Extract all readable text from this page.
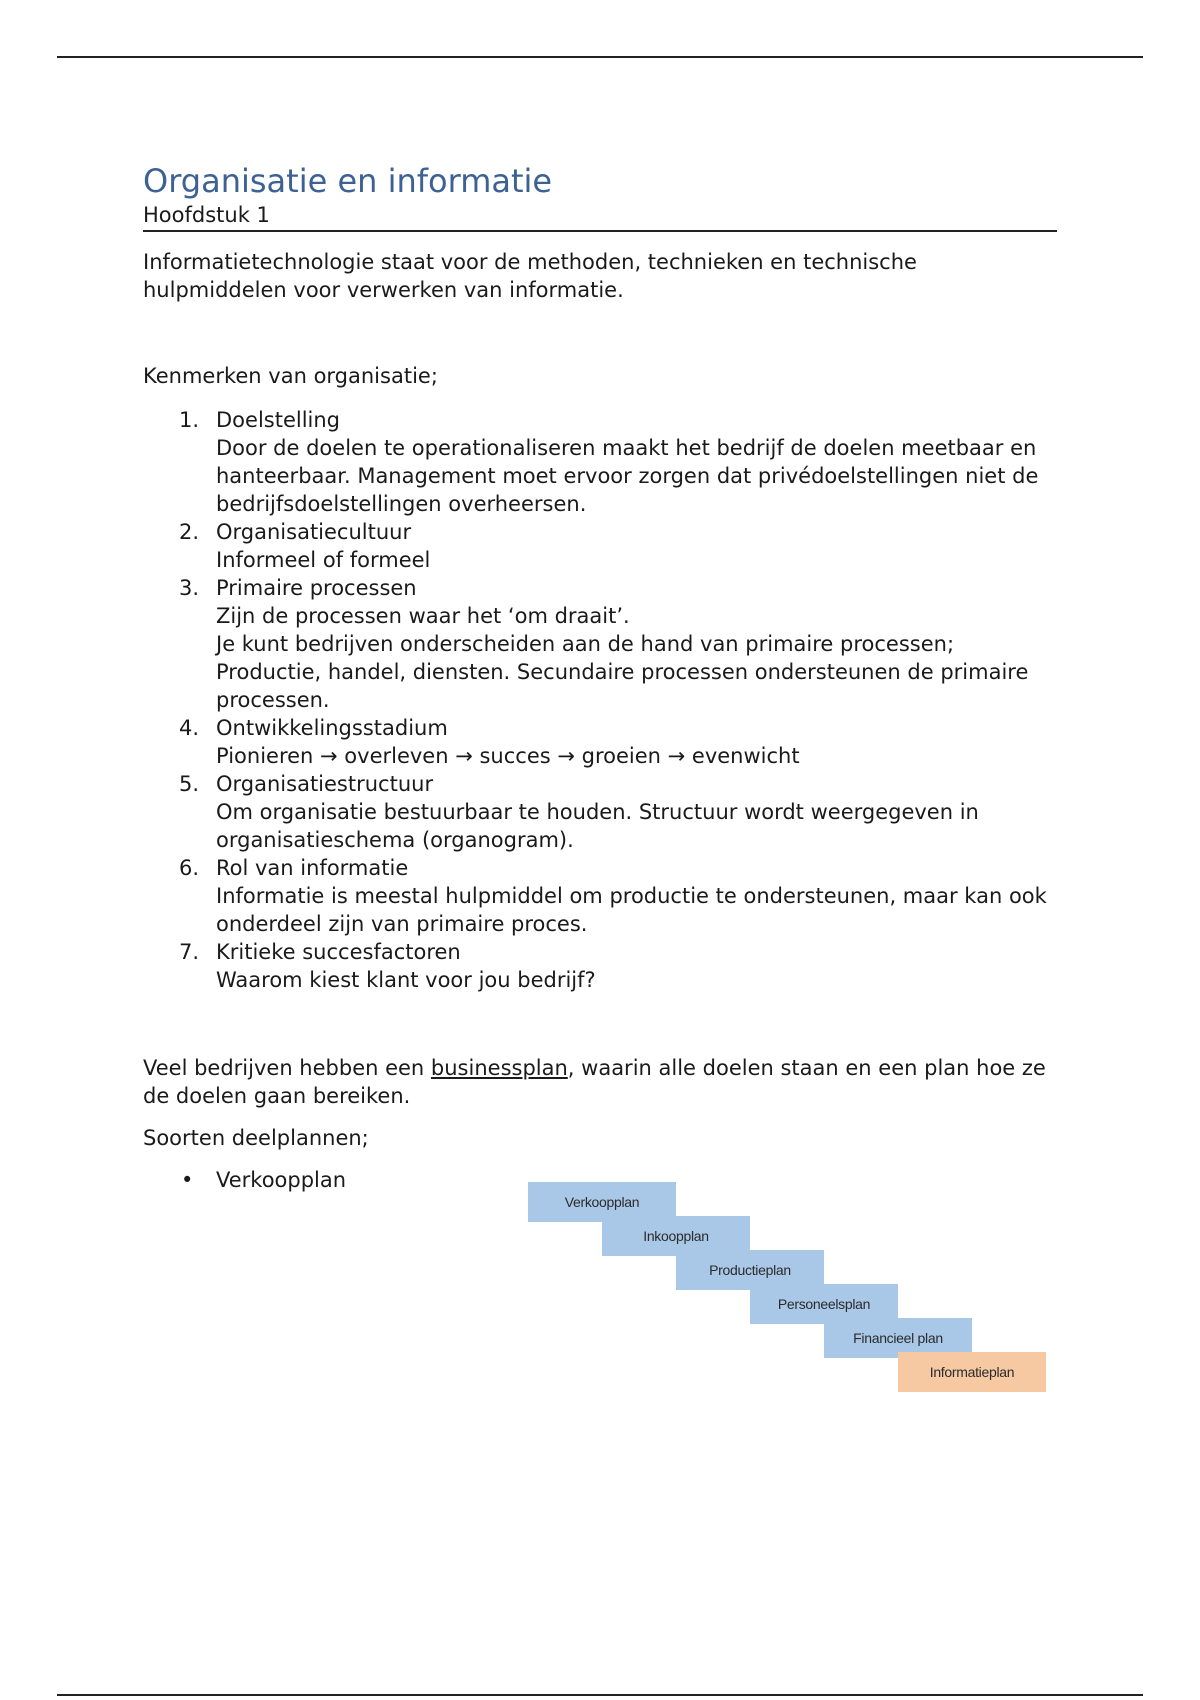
Organisatie en informatie
Hoofdstuk 1

Informatietechnologie staat voor de methoden, technieken en technische hulpmiddelen voor verwerken van informatie.

Kenmerken van organisatie;

1. Doelstelling
Door de doelen te operationaliseren maakt het bedrijf de doelen meetbaar en hanteerbaar. Management moet ervoor zorgen dat privédoelstellingen niet de bedrijfsdoelstellingen overheersen.
2. Organisatiecultuur
Informeel of formeel
3. Primaire processen
Zijn de processen waar het ‘om draait’.
Je kunt bedrijven onderscheiden aan de hand van primaire processen; Productie, handel, diensten. Secundaire processen ondersteunen de primaire processen.
4. Ontwikkelingsstadium
Pionieren → overleven → succes → groeien → evenwicht
5. Organisatiestructuur
Om organisatie bestuurbaar te houden. Structuur wordt weergegeven in organisatieschema (organogram).
6. Rol van informatie
Informatie is meestal hulpmiddel om productie te ondersteunen, maar kan ook onderdeel zijn van primaire proces.
7. Kritieke succesfactoren
Waarom kiest klant voor jou bedrijf?

Veel bedrijven hebben een businessplan, waarin alle doelen staan en een plan hoe ze de doelen gaan bereiken.

Soorten deelplannen;

• Verkoopplan
Verkoopplan
Inkoopplan
Productieplan
Personeelsplan
Financieel plan
Informatieplan
